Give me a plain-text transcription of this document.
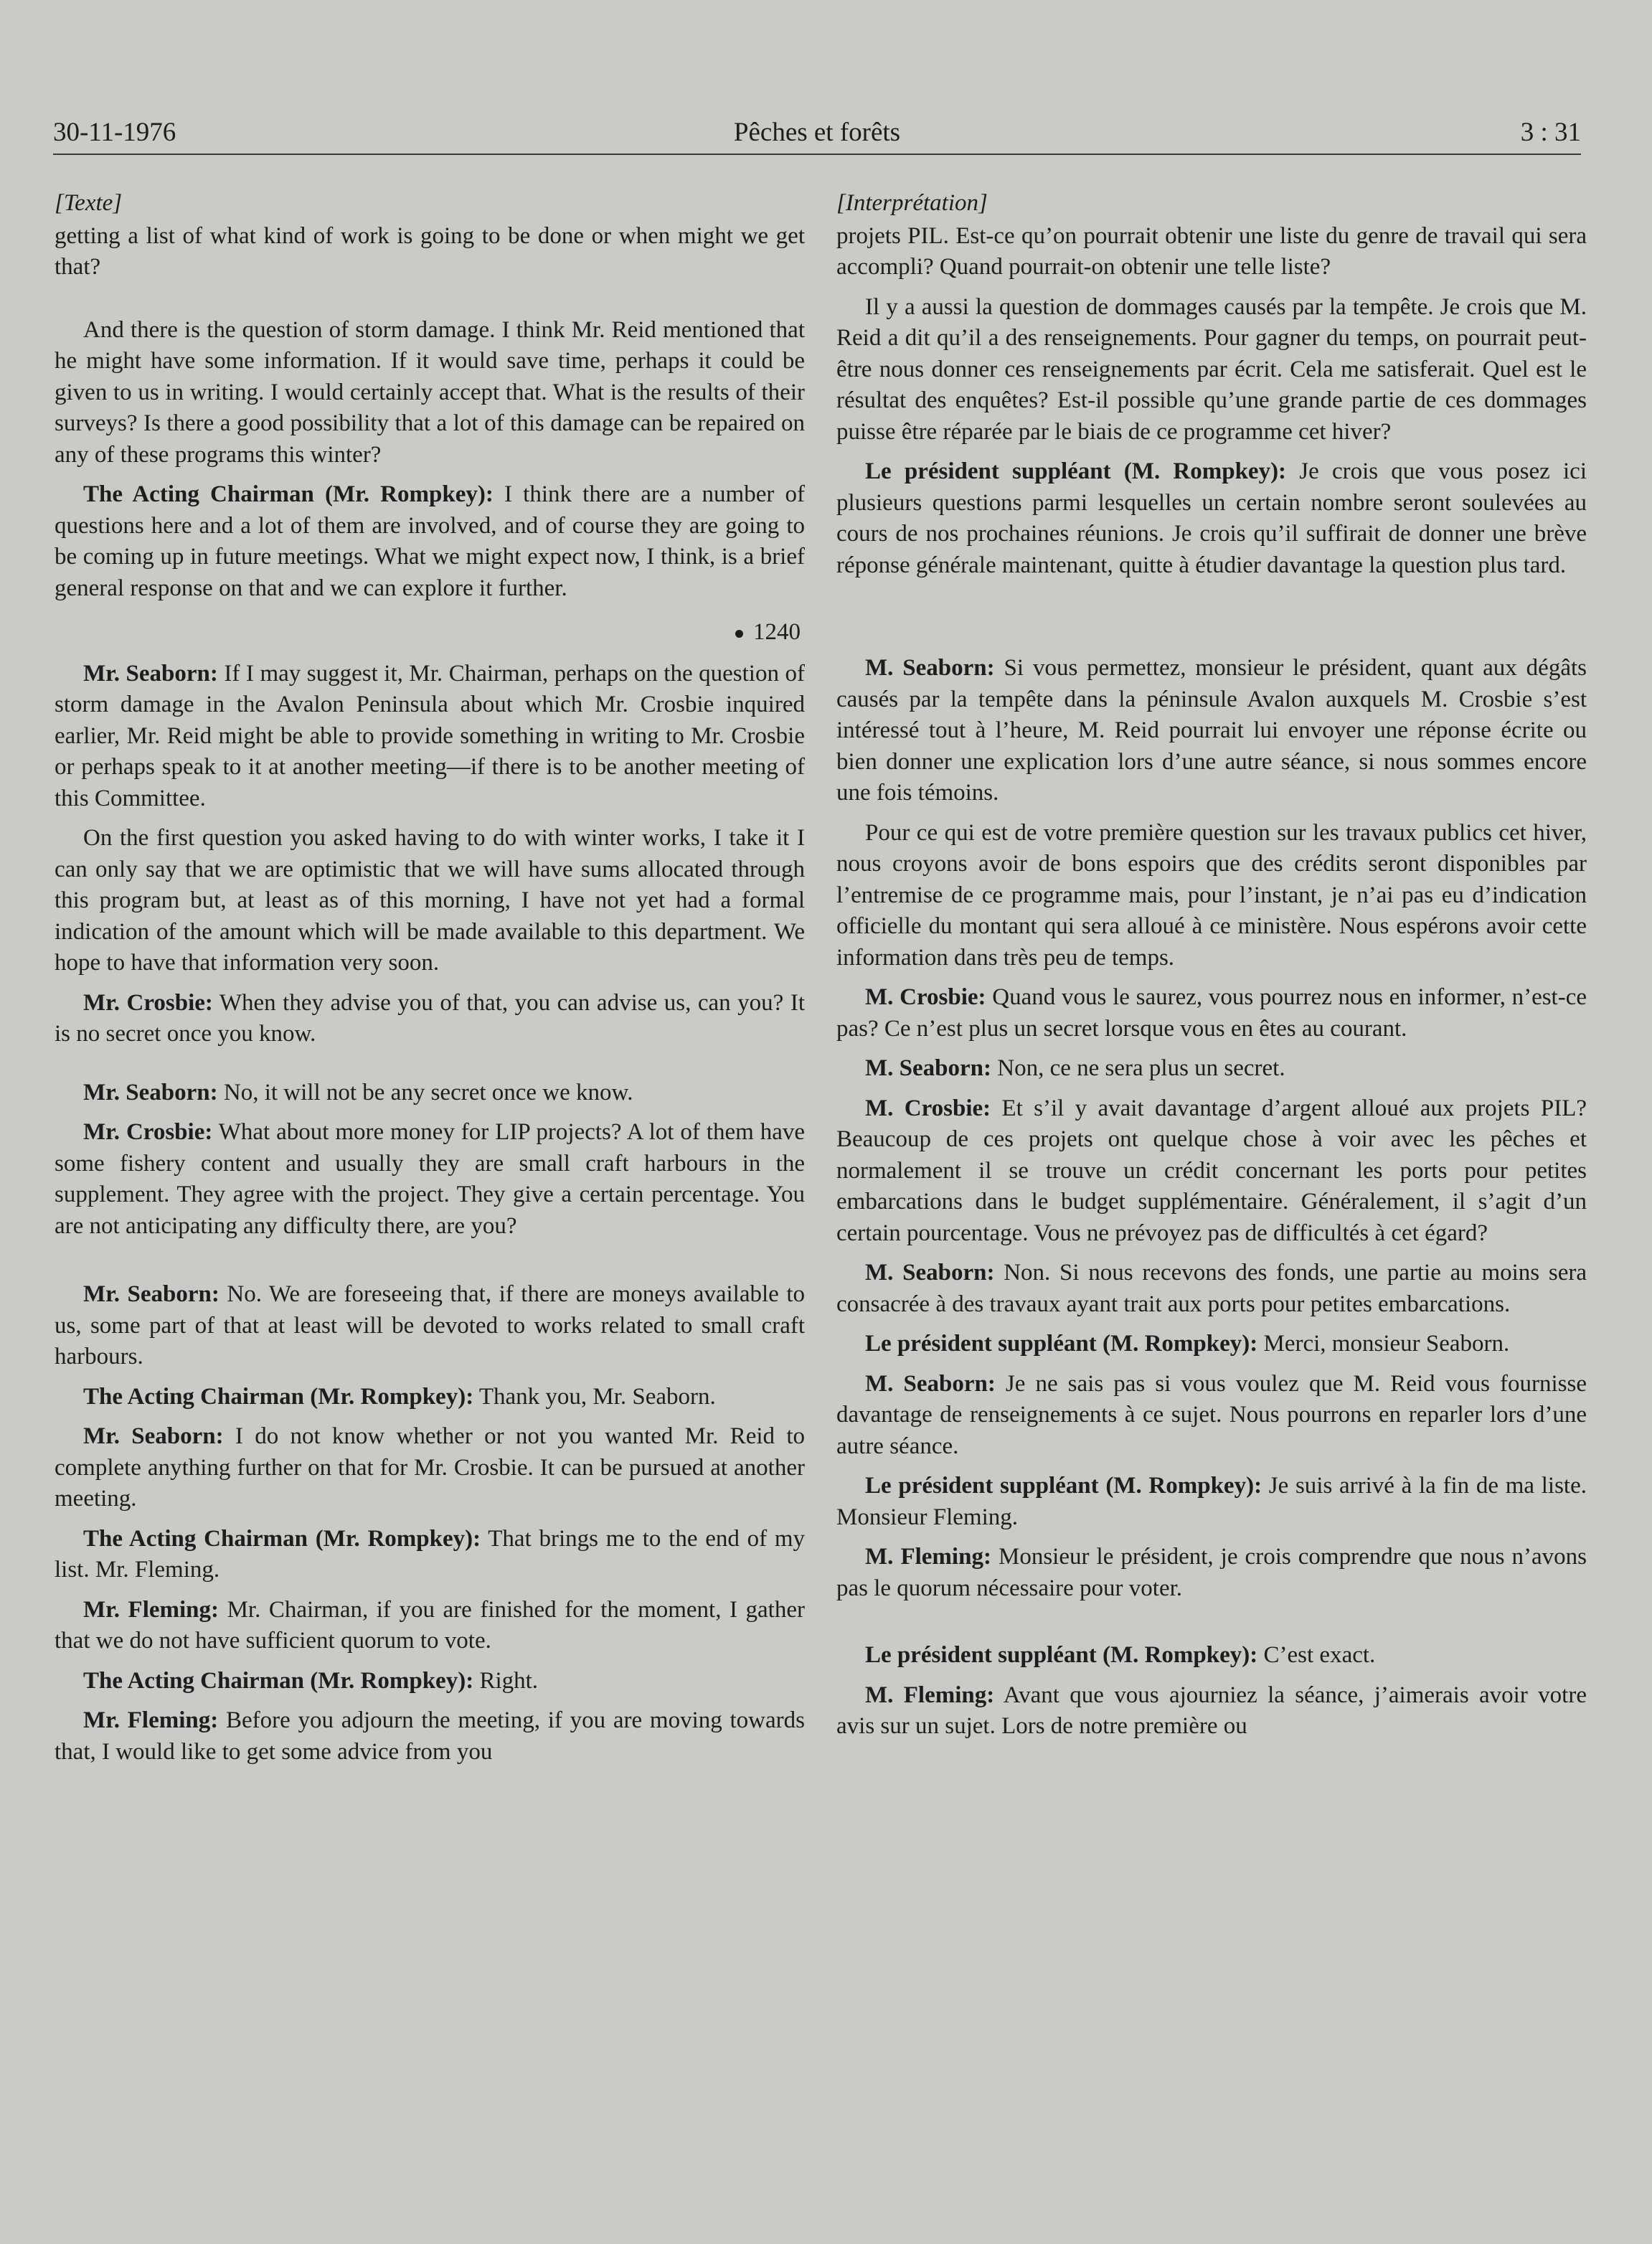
30-11-1976	Pêches et forêts	3 : 31
[Texte]

getting a list of what kind of work is going to be done or when might we get that?

And there is the question of storm damage. I think Mr. Reid mentioned that he might have some information. If it would save time, perhaps it could be given to us in writing. I would certainly accept that. What is the results of their surveys? Is there a good possibility that a lot of this damage can be repaired on any of these programs this winter?

The Acting Chairman (Mr. Rompkey): I think there are a number of questions here and a lot of them are involved, and of course they are going to be coming up in future meetings. What we might expect now, I think, is a brief general response on that and we can explore it further.

1240

Mr. Seaborn: If I may suggest it, Mr. Chairman, perhaps on the question of storm damage in the Avalon Peninsula about which Mr. Crosbie inquired earlier, Mr. Reid might be able to provide something in writing to Mr. Crosbie or perhaps speak to it at another meeting—if there is to be another meeting of this Committee.

On the first question you asked having to do with winter works, I take it I can only say that we are optimistic that we will have sums allocated through this program but, at least as of this morning, I have not yet had a formal indication of the amount which will be made available to this department. We hope to have that information very soon.

Mr. Crosbie: When they advise you of that, you can advise us, can you? It is no secret once you know.

Mr. Seaborn: No, it will not be any secret once we know.

Mr. Crosbie: What about more money for LIP projects? A lot of them have some fishery content and usually they are small craft harbours in the supplement. They agree with the project. They give a certain percentage. You are not anticipating any difficulty there, are you?

Mr. Seaborn: No. We are foreseeing that, if there are moneys available to us, some part of that at least will be devoted to works related to small craft harbours.

The Acting Chairman (Mr. Rompkey): Thank you, Mr. Seaborn.

Mr. Seaborn: I do not know whether or not you wanted Mr. Reid to complete anything further on that for Mr. Crosbie. It can be pursued at another meeting.

The Acting Chairman (Mr. Rompkey): That brings me to the end of my list. Mr. Fleming.

Mr. Fleming: Mr. Chairman, if you are finished for the moment, I gather that we do not have sufficient quorum to vote.

The Acting Chairman (Mr. Rompkey): Right.

Mr. Fleming: Before you adjourn the meeting, if you are moving towards that, I would like to get some advice from you

[Interprétation]

projets PIL. Est-ce qu’on pourrait obtenir une liste du genre de travail qui sera accompli? Quand pourrait-on obtenir une telle liste?

Il y a aussi la question de dommages causés par la tempête. Je crois que M. Reid a dit qu’il a des renseignements. Pour gagner du temps, on pourrait peut-être nous donner ces renseignements par écrit. Cela me satisferait. Quel est le résultat des enquêtes? Est-il possible qu’une grande partie de ces dommages puisse être réparée par le biais de ce programme cet hiver?

Le président suppléant (M. Rompkey): Je crois que vous posez ici plusieurs questions parmi lesquelles un certain nombre seront soulevées au cours de nos prochaines réunions. Je crois qu’il suffirait de donner une brève réponse générale maintenant, quitte à étudier davantage la question plus tard.

M. Seaborn: Si vous permettez, monsieur le président, quant aux dégâts causés par la tempête dans la péninsule Avalon auxquels M. Crosbie s’est intéressé tout à l’heure, M. Reid pourrait lui envoyer une réponse écrite ou bien donner une explication lors d’une autre séance, si nous sommes encore une fois témoins.

Pour ce qui est de votre première question sur les travaux publics cet hiver, nous croyons avoir de bons espoirs que des crédits seront disponibles par l’entremise de ce programme mais, pour l’instant, je n’ai pas eu d’indication officielle du montant qui sera alloué à ce ministère. Nous espérons avoir cette information dans très peu de temps.

M. Crosbie: Quand vous le saurez, vous pourrez nous en informer, n’est-ce pas? Ce n’est plus un secret lorsque vous en êtes au courant.

M. Seaborn: Non, ce ne sera plus un secret.

M. Crosbie: Et s’il y avait davantage d’argent alloué aux projets PIL? Beaucoup de ces projets ont quelque chose à voir avec les pêches et normalement il se trouve un crédit concernant les ports pour petites embarcations dans le budget supplémentaire. Généralement, il s’agit d’un certain pourcentage. Vous ne prévoyez pas de difficultés à cet égard?

M. Seaborn: Non. Si nous recevons des fonds, une partie au moins sera consacrée à des travaux ayant trait aux ports pour petites embarcations.

Le président suppléant (M. Rompkey): Merci, monsieur Seaborn.

M. Seaborn: Je ne sais pas si vous voulez que M. Reid vous fournisse davantage de renseignements à ce sujet. Nous pourrons en reparler lors d’une autre séance.

Le président suppléant (M. Rompkey): Je suis arrivé à la fin de ma liste. Monsieur Fleming.

M. Fleming: Monsieur le président, je crois comprendre que nous n’avons pas le quorum nécessaire pour voter.

Le président suppléant (M. Rompkey): C’est exact.

M. Fleming: Avant que vous ajourniez la séance, j’aimerais avoir votre avis sur un sujet. Lors de notre première ou
